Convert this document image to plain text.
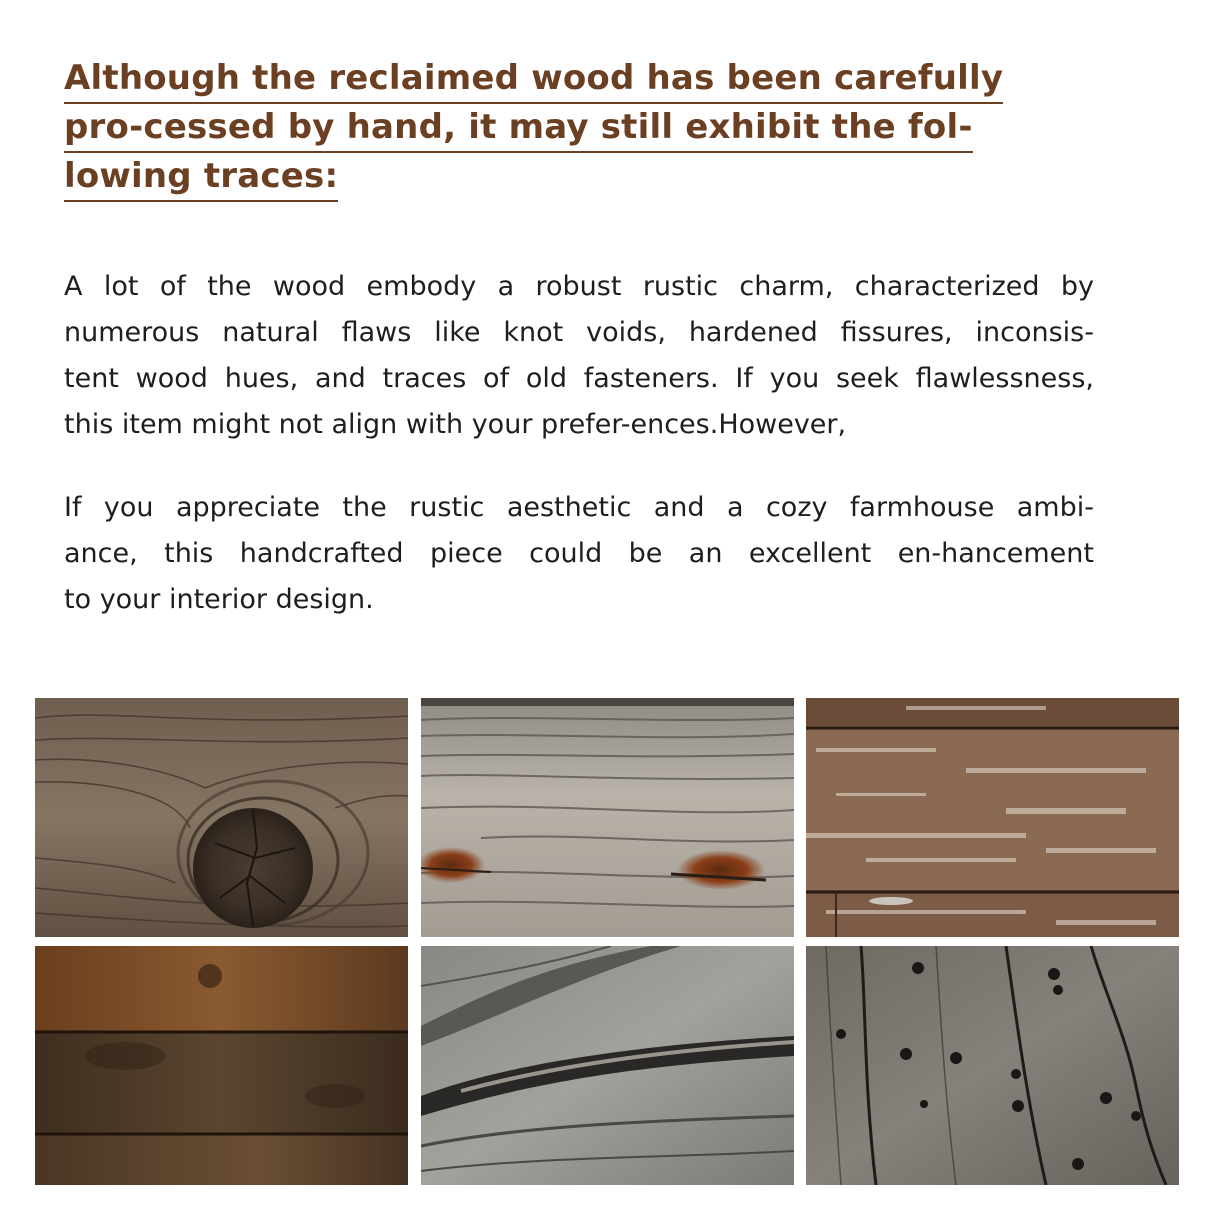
Although the reclaimed wood has been carefully
pro-cessed by hand, it may still exhibit the fol-
lowing traces:
A lot of the wood embody a robust rustic charm, characterized by
numerous natural flaws like knot voids, hardened fissures, inconsis-
tent wood hues, and traces of old fasteners. If you seek flawlessness,
this item might not align with your prefer-ences.However,
If you appreciate the rustic aesthetic and a cozy farmhouse ambi-
ance, this handcrafted piece could be an excellent en-hancement
to your interior design.
